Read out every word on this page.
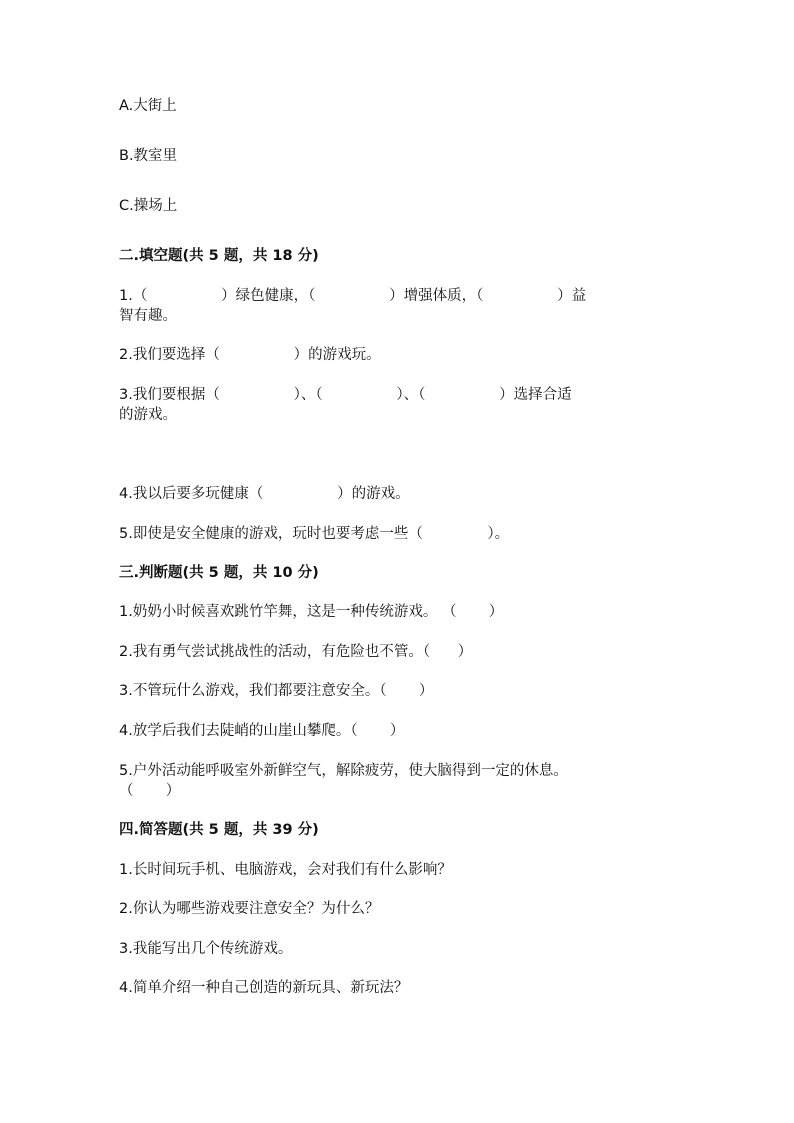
A.大街上
B.教室里
C.操场上
二.填空题(共 5 题，共 18 分)
1.（                ）绿色健康，（                ）增强体质，（                ）益
智有趣。
2.我们要选择（                ）的游戏玩。
3.我们要根据（                ）、（                ）、（                ）选择合适
的游戏。
4.我以后要多玩健康（                ）的游戏。
5.即使是安全健康的游戏，玩时也要考虑一些（              ）。
三.判断题(共 5 题，共 10 分)
1.奶奶小时候喜欢跳竹竿舞，这是一种传统游戏。 （       ）
2.我有勇气尝试挑战性的活动，有危险也不管。（      ）
3.不管玩什么游戏，我们都要注意安全。（       ）
4.放学后我们去陡峭的山崖山攀爬。（       ）
5.户外活动能呼吸室外新鲜空气，解除疲劳，使大脑得到一定的休息。
（       ）
四.简答题(共 5 题，共 39 分)
1.长时间玩手机、电脑游戏，会对我们有什么影响？
2.你认为哪些游戏要注意安全？为什么？
3.我能写出几个传统游戏。
4.简单介绍一种自己创造的新玩具、新玩法？
